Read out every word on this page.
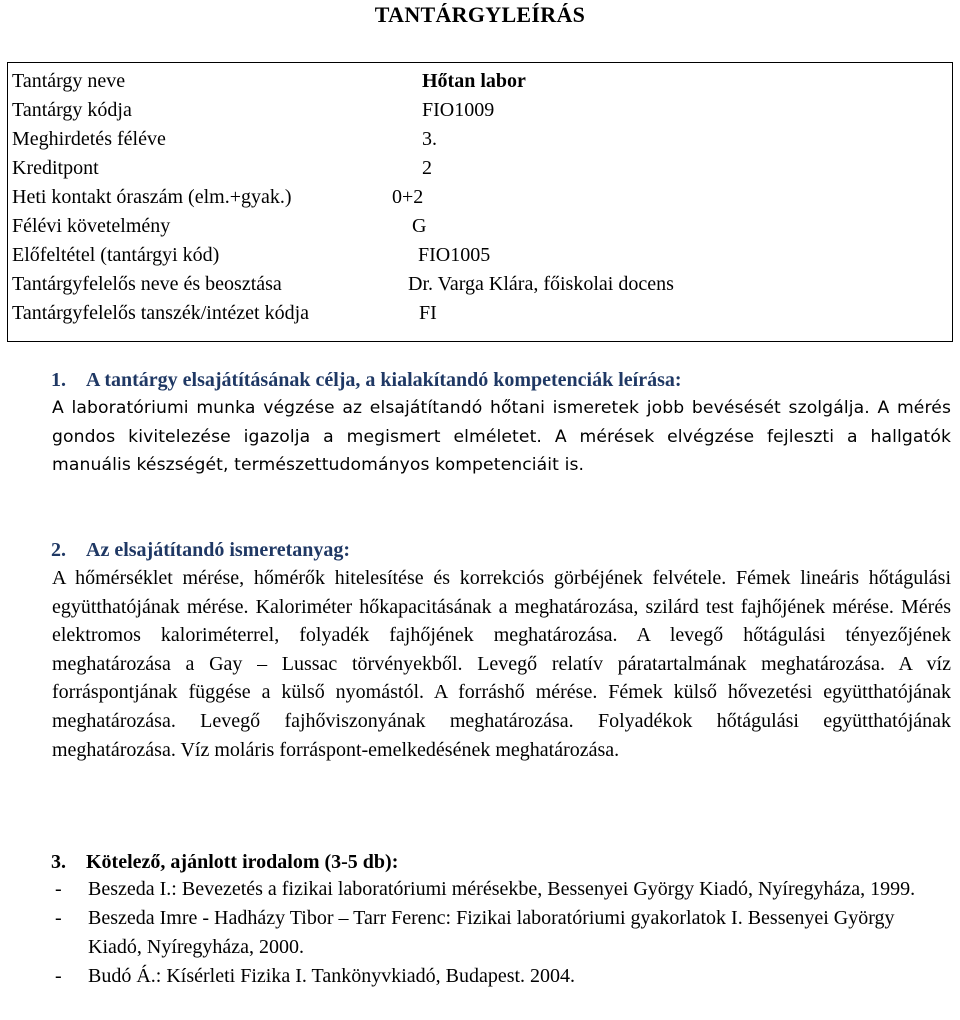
TANTÁRGYLEÍRÁS
Tantárgy neve	Hőtan labor
Tantárgy kódja	FIO1009
Meghirdetés féléve	3.
Kreditpont	2
Heti kontakt óraszám (elm.+gyak.)	0+2
Félévi követelmény	G
Előfeltétel (tantárgyi kód)	FIO1005
Tantárgyfelelős neve és beosztása	Dr. Varga Klára, főiskolai docens
Tantárgyfelelős tanszék/intézet kódja	FI
1. A tantárgy elsajátításának célja, a kialakítandó kompetenciák leírása:
A laboratóriumi munka végzése az elsajátítandó hőtani ismeretek jobb bevésését szolgálja. A mérés gondos kivitelezése igazolja a megismert elméletet. A mérések elvégzése fejleszti a hallgatók manuális készségét, természettudományos kompetenciáit is.
2. Az elsajátítandó ismeretanyag:
A hőmérséklet mérése, hőmérők hitelesítése és korrekciós görbéjének felvétele. Fémek lineáris hőtágulási együtthatójának mérése. Kaloriméter hőkapacitásának a meghatározása, szilárd test fajhőjének mérése. Mérés elektromos kaloriméterrel, folyadék fajhőjének meghatározása. A levegő hőtágulási tényezőjének meghatározása a Gay – Lussac törvényekből. Levegő relatív páratartalmának meghatározása. A víz forráspontjának függése a külső nyomástól. A forráshő mérése. Fémek külső hővezetési együtthatójának meghatározása. Levegő fajhőviszonyának meghatározása. Folyadékok hőtágulási együtthatójának meghatározása. Víz moláris forráspont-emelkedésének meghatározása.
3. Kötelező, ajánlott irodalom (3-5 db):
- Beszeda I.: Bevezetés a fizikai laboratóriumi mérésekbe, Bessenyei György Kiadó, Nyíregyháza, 1999.
- Beszeda Imre - Hadházy Tibor – Tarr Ferenc: Fizikai laboratóriumi gyakorlatok I. Bessenyei György Kiadó, Nyíregyháza, 2000.
- Budó Á.: Kísérleti Fizika I. Tankönyvkiadó, Budapest. 2004.
